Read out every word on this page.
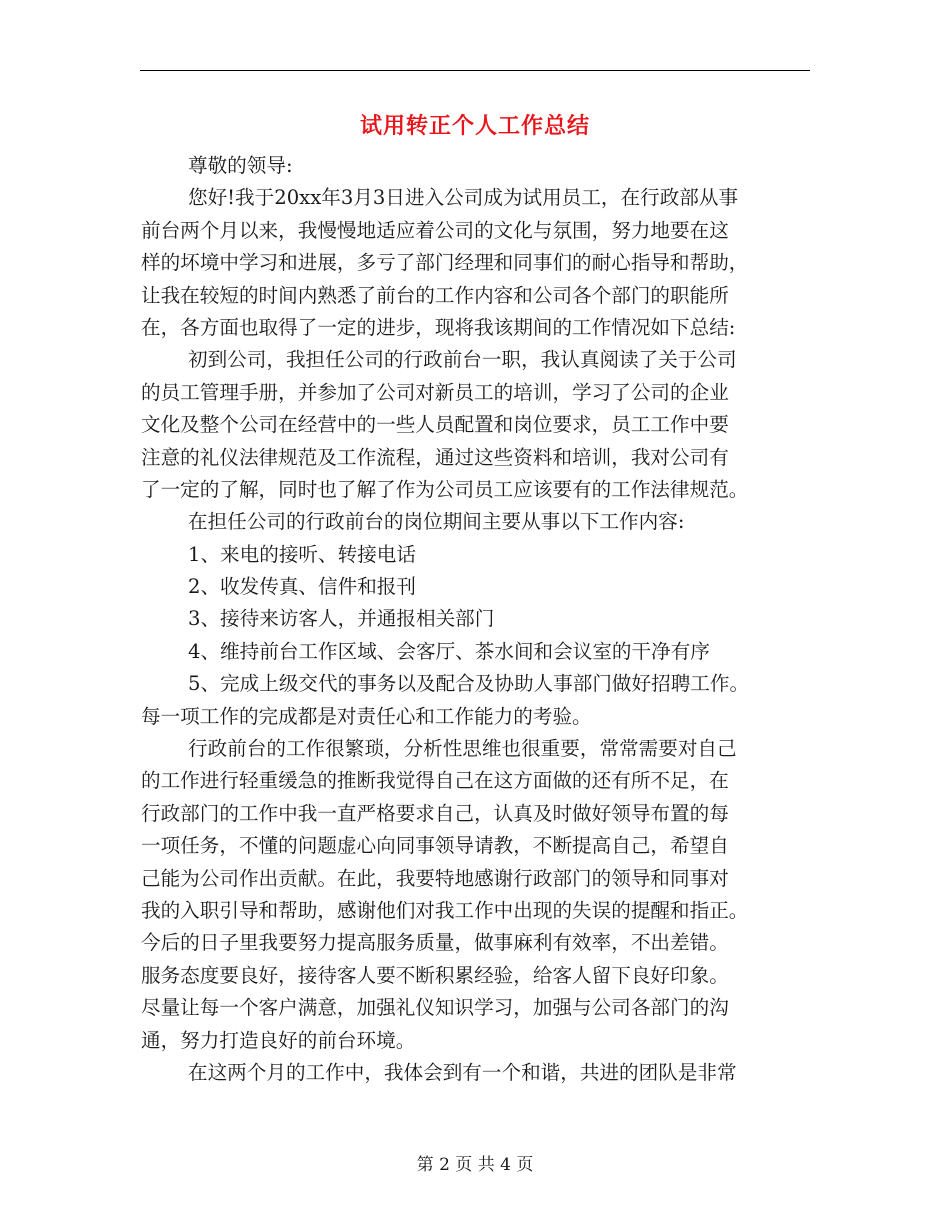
试用转正个人工作总结
尊敬的领导:
您好!我于20xx年3月3日进入公司成为试用员工，在行政部从事
前台两个月以来，我慢慢地适应着公司的文化与氛围，努力地要在这
样的坏境中学习和进展，多亏了部门经理和同事们的耐心指导和帮助，
让我在较短的时间内熟悉了前台的工作内容和公司各个部门的职能所
在，各方面也取得了一定的进步，现将我该期间的工作情况如下总结:
初到公司，我担任公司的行政前台一职，我认真阅读了关于公司
的员工管理手册，并参加了公司对新员工的培训，学习了公司的企业
文化及整个公司在经营中的一些人员配置和岗位要求，员工工作中要
注意的礼仪法律规范及工作流程，通过这些资料和培训，我对公司有
了一定的了解，同时也了解了作为公司员工应该要有的工作法律规范。
在担任公司的行政前台的岗位期间主要从事以下工作内容:
1、来电的接听、转接电话
2、收发传真、信件和报刊
3、接待来访客人，并通报相关部门
4、维持前台工作区域、会客厅、茶水间和会议室的干净有序
5、完成上级交代的事务以及配合及协助人事部门做好招聘工作。
每一项工作的完成都是对责任心和工作能力的考验。
行政前台的工作很繁琐，分析性思维也很重要，常常需要对自己
的工作进行轻重缓急的推断我觉得自己在这方面做的还有所不足，在
行政部门的工作中我一直严格要求自己，认真及时做好领导布置的每
一项任务，不懂的问题虚心向同事领导请教，不断提高自己，希望自
己能为公司作出贡献。在此，我要特地感谢行政部门的领导和同事对
我的入职引导和帮助，感谢他们对我工作中出现的失误的提醒和指正。
今后的日子里我要努力提高服务质量，做事麻利有效率，不出差错。
服务态度要良好，接待客人要不断积累经验，给客人留下良好印象。
尽量让每一个客户满意，加强礼仪知识学习，加强与公司各部门的沟
通，努力打造良好的前台环境。
在这两个月的工作中，我体会到有一个和谐，共进的团队是非常
第 2 页 共 4 页
